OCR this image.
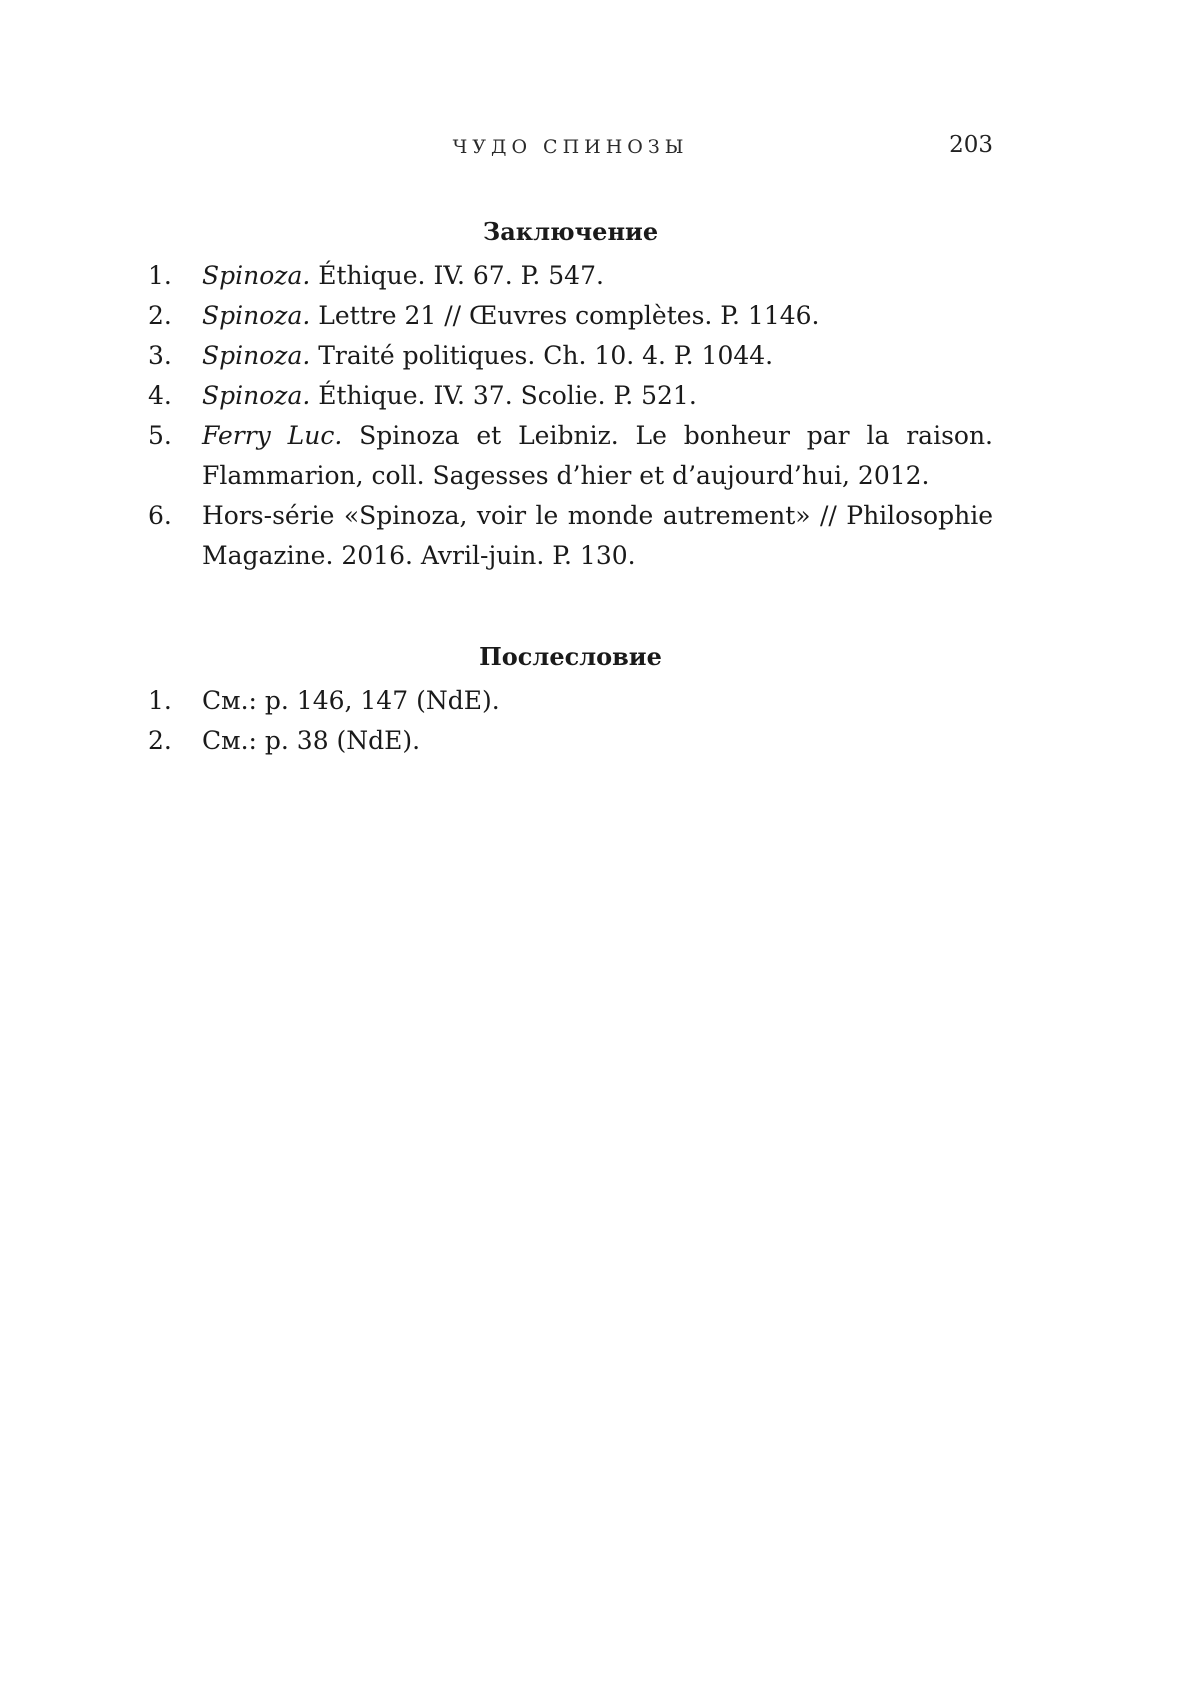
ЧУДО СПИНОЗЫ	203
Заключение
1.	Spinoza. Éthique. IV. 67. P. 547.
2.	Spinoza. Lettre 21 // Œuvres complètes. P. 1146.
3.	Spinoza. Traité politiques. Ch. 10. 4. P. 1044.
4.	Spinoza. Éthique. IV. 37. Scolie. P. 521.
5.	Ferry Luc. Spinoza et Leibniz. Le bonheur par la raison. Flammarion, coll. Sagesses d’hier et d’aujourd’hui, 2012.
6.	Hors-série «Spinoza, voir le monde autrement» // Philosophie Magazine. 2016. Avril-juin. P. 130.
Послесловие
1.	См.: p. 146, 147 (NdE).
2.	См.: p. 38 (NdE).
